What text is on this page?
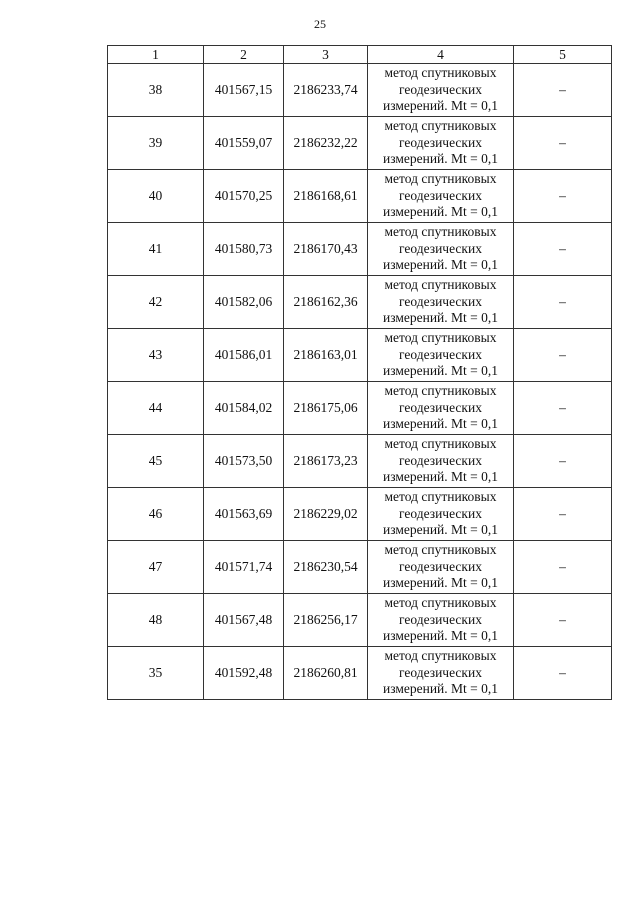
25
1	2	3	4	5
38	401567,15	2186233,74	метод спутниковых
геодезических
измерений. Mt = 0,1	–
39	401559,07	2186232,22	метод спутниковых
геодезических
измерений. Mt = 0,1	–
40	401570,25	2186168,61	метод спутниковых
геодезических
измерений. Mt = 0,1	–
41	401580,73	2186170,43	метод спутниковых
геодезических
измерений. Mt = 0,1	–
42	401582,06	2186162,36	метод спутниковых
геодезических
измерений. Mt = 0,1	–
43	401586,01	2186163,01	метод спутниковых
геодезических
измерений. Mt = 0,1	–
44	401584,02	2186175,06	метод спутниковых
геодезических
измерений. Mt = 0,1	–
45	401573,50	2186173,23	метод спутниковых
геодезических
измерений. Mt = 0,1	–
46	401563,69	2186229,02	метод спутниковых
геодезических
измерений. Mt = 0,1	–
47	401571,74	2186230,54	метод спутниковых
геодезических
измерений. Mt = 0,1	–
48	401567,48	2186256,17	метод спутниковых
геодезических
измерений. Mt = 0,1	–
35	401592,48	2186260,81	метод спутниковых
геодезических
измерений. Mt = 0,1	–
